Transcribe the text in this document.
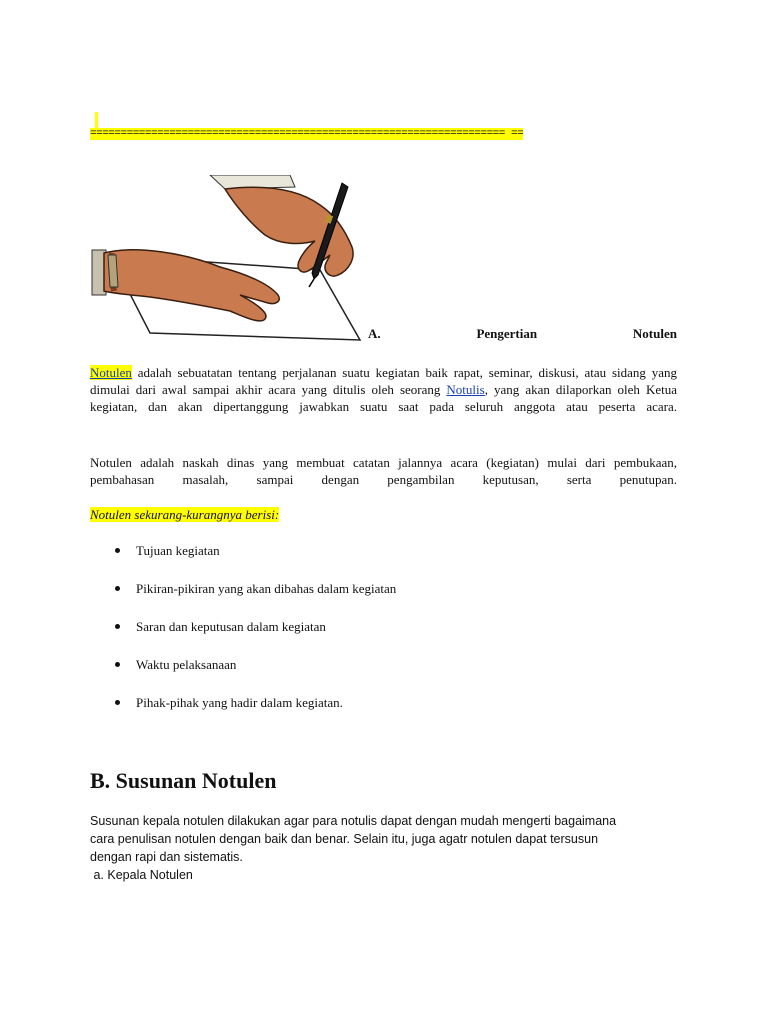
==================================================================== ==
A.	Pengertian	Notulen

Notulen adalah sebuatatan tentang perjalanan suatu kegiatan baik rapat, seminar, diskusi, atau sidang yang dimulai dari awal sampai akhir acara yang ditulis oleh seorang Notulis, yang akan dilaporkan oleh Ketua kegiatan, dan akan dipertanggung jawabkan suatu saat pada seluruh anggota atau peserta acara.

Notulen adalah naskah dinas yang membuat catatan jalannya acara (kegiatan) mulai dari pembukaan, pembahasan masalah, sampai dengan pengambilan keputusan, serta penutupan.

Notulen sekurang-kurangnya berisi:
Tujuan kegiatan
Pikiran-pikiran yang akan dibahas dalam kegiatan
Saran dan keputusan dalam kegiatan
Waktu pelaksanaan
Pihak-pihak yang hadir dalam kegiatan.
B. Susunan Notulen
Susunan kepala notulen dilakukan agar para notulis dapat dengan mudah mengerti bagaimana
cara penulisan notulen dengan baik dan benar. Selain itu, juga agatr notulen dapat tersusun
dengan rapi dan sistematis.
a. Kepala Notulen
